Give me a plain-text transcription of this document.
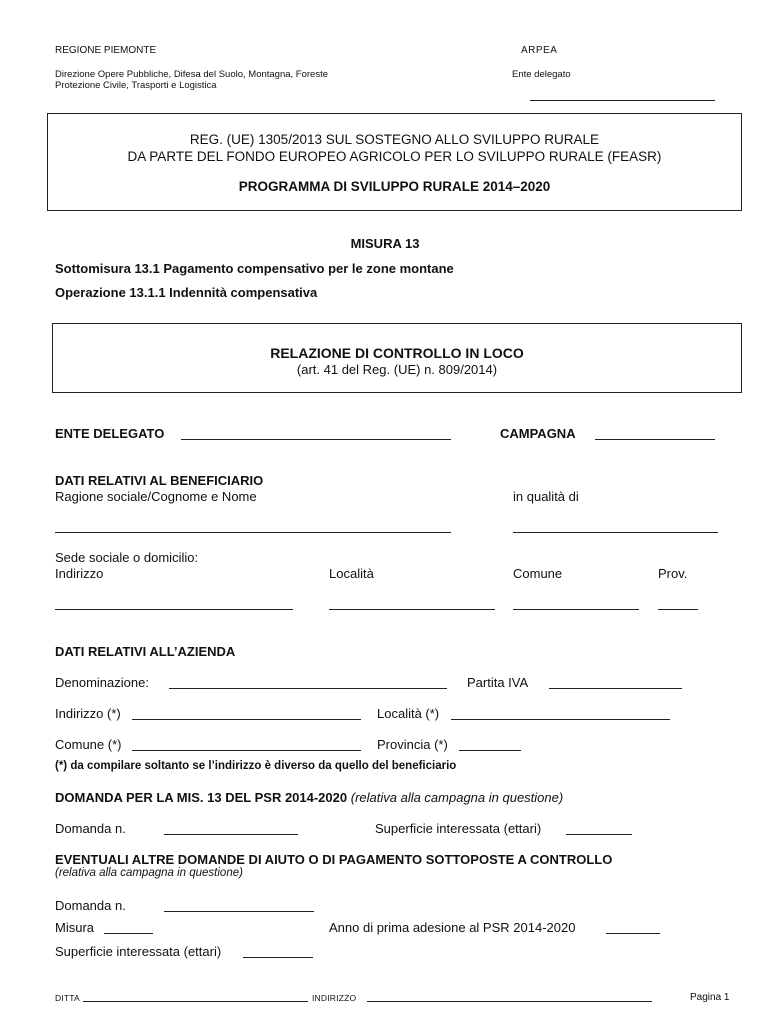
REGIONE PIEMONTE	ARPEA
Direzione Opere Pubbliche, Difesa del Suolo, Montagna, Foreste
Protezione Civile, Trasporti e Logistica
Ente delegato
REG. (UE) 1305/2013 SUL SOSTEGNO ALLO SVILUPPO RURALE
DA PARTE DEL FONDO EUROPEO AGRICOLO PER LO SVILUPPO RURALE (FEASR)
PROGRAMMA DI SVILUPPO RURALE 2014–2020
MISURA 13
Sottomisura 13.1 Pagamento compensativo per le zone montane
Operazione 13.1.1 Indennità compensativa
RELAZIONE DI CONTROLLO IN LOCO
(art. 41 del Reg. (UE) n. 809/2014)
ENTE DELEGATO	CAMPAGNA
DATI RELATIVI AL BENEFICIARIO
Ragione sociale/Cognome e Nome	in qualità di
Sede sociale o domicilio:
Indirizzo	Località	Comune	Prov.
DATI RELATIVI ALL’AZIENDA
Denominazione:	Partita IVA
Indirizzo (*)	Località (*)
Comune (*)	Provincia (*)
(*) da compilare soltanto se l’indirizzo è diverso da quello del beneficiario
DOMANDA PER LA MIS. 13 DEL PSR 2014-2020 (relativa alla campagna in questione)
Domanda n.	Superficie interessata (ettari)
EVENTUALI ALTRE DOMANDE DI AIUTO O DI PAGAMENTO SOTTOPOSTE A CONTROLLO
(relativa alla campagna in questione)
Domanda n.
Misura	Anno di prima adesione al PSR 2014-2020
Superficie interessata (ettari)
DITTA	INDIRIZZO	Pagina 1
